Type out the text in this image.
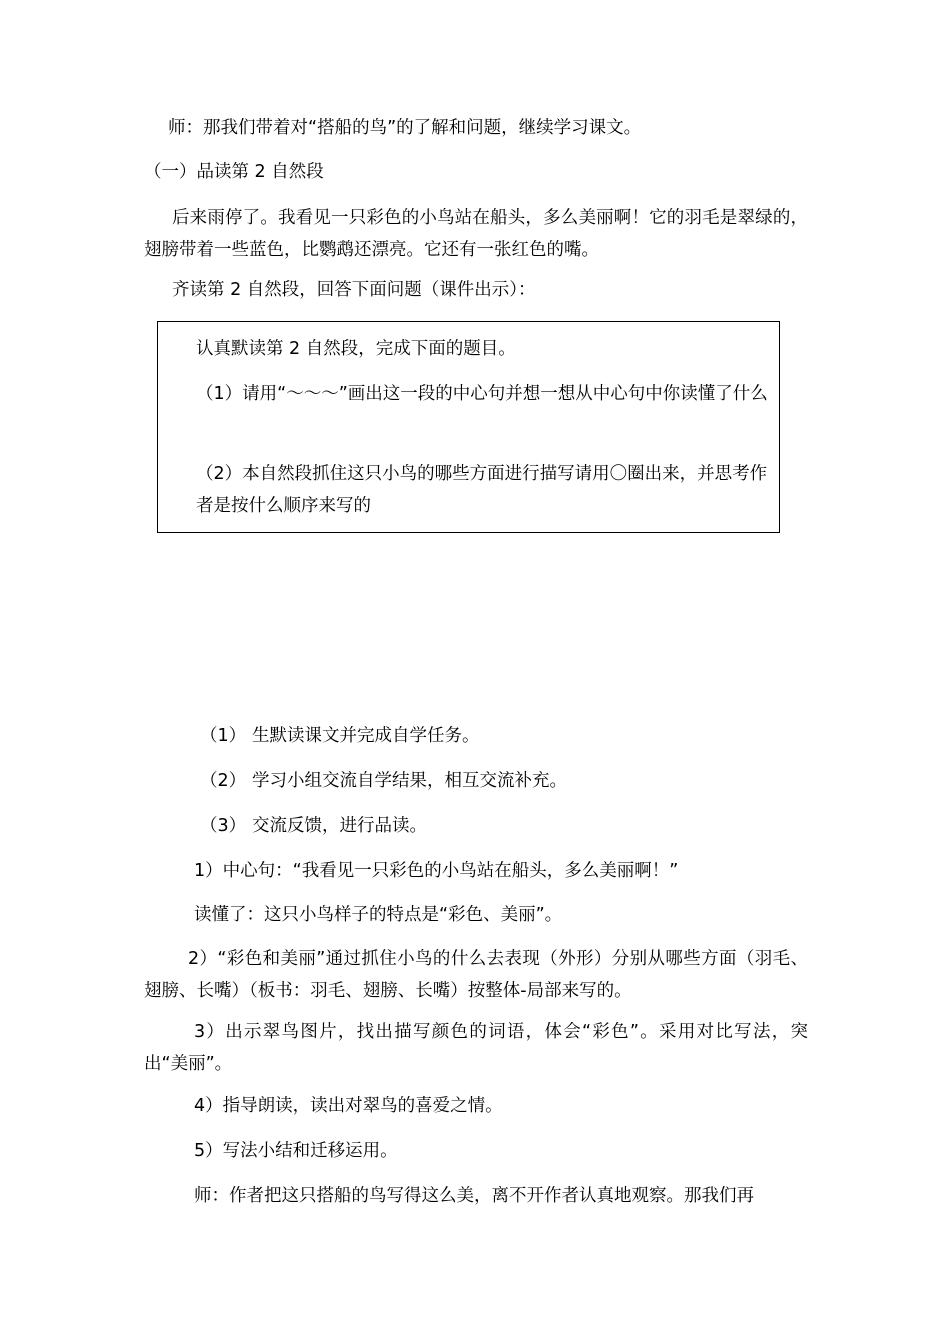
师：那我们带着对“搭船的鸟”的了解和问题，继续学习课文。
（一）品读第 2 自然段
后来雨停了。我看见一只彩色的小鸟站在船头，多么美丽啊！它的羽毛是翠绿的，翅膀带着一些蓝色，比鹦鹉还漂亮。它还有一张红色的嘴。
齐读第 2 自然段，回答下面问题（课件出示）：
认真默读第 2 自然段，完成下面的题目。
（1）请用“～～～”画出这一段的中心句并想一想从中心句中你读懂了什么
（2）本自然段抓住这只小鸟的哪些方面进行描写请用〇圈出来，并思考作者是按什么顺序来写的
（1） 生默读课文并完成自学任务。
（2） 学习小组交流自学结果，相互交流补充。
（3） 交流反馈，进行品读。
1）中心句：“我看见一只彩色的小鸟站在船头，多么美丽啊！”
读懂了：这只小鸟样子的特点是“彩色、美丽”。
2）“彩色和美丽”通过抓住小鸟的什么去表现（外形）分别从哪些方面（羽毛、翅膀、长嘴）（板书：羽毛、翅膀、长嘴）按整体-局部来写的。
3）出示翠鸟图片，找出描写颜色的词语，体会“彩色”。采用对比写法，突出“美丽”。
4）指导朗读，读出对翠鸟的喜爱之情。
5）写法小结和迁移运用。
师：作者把这只搭船的鸟写得这么美，离不开作者认真地观察。那我们再
